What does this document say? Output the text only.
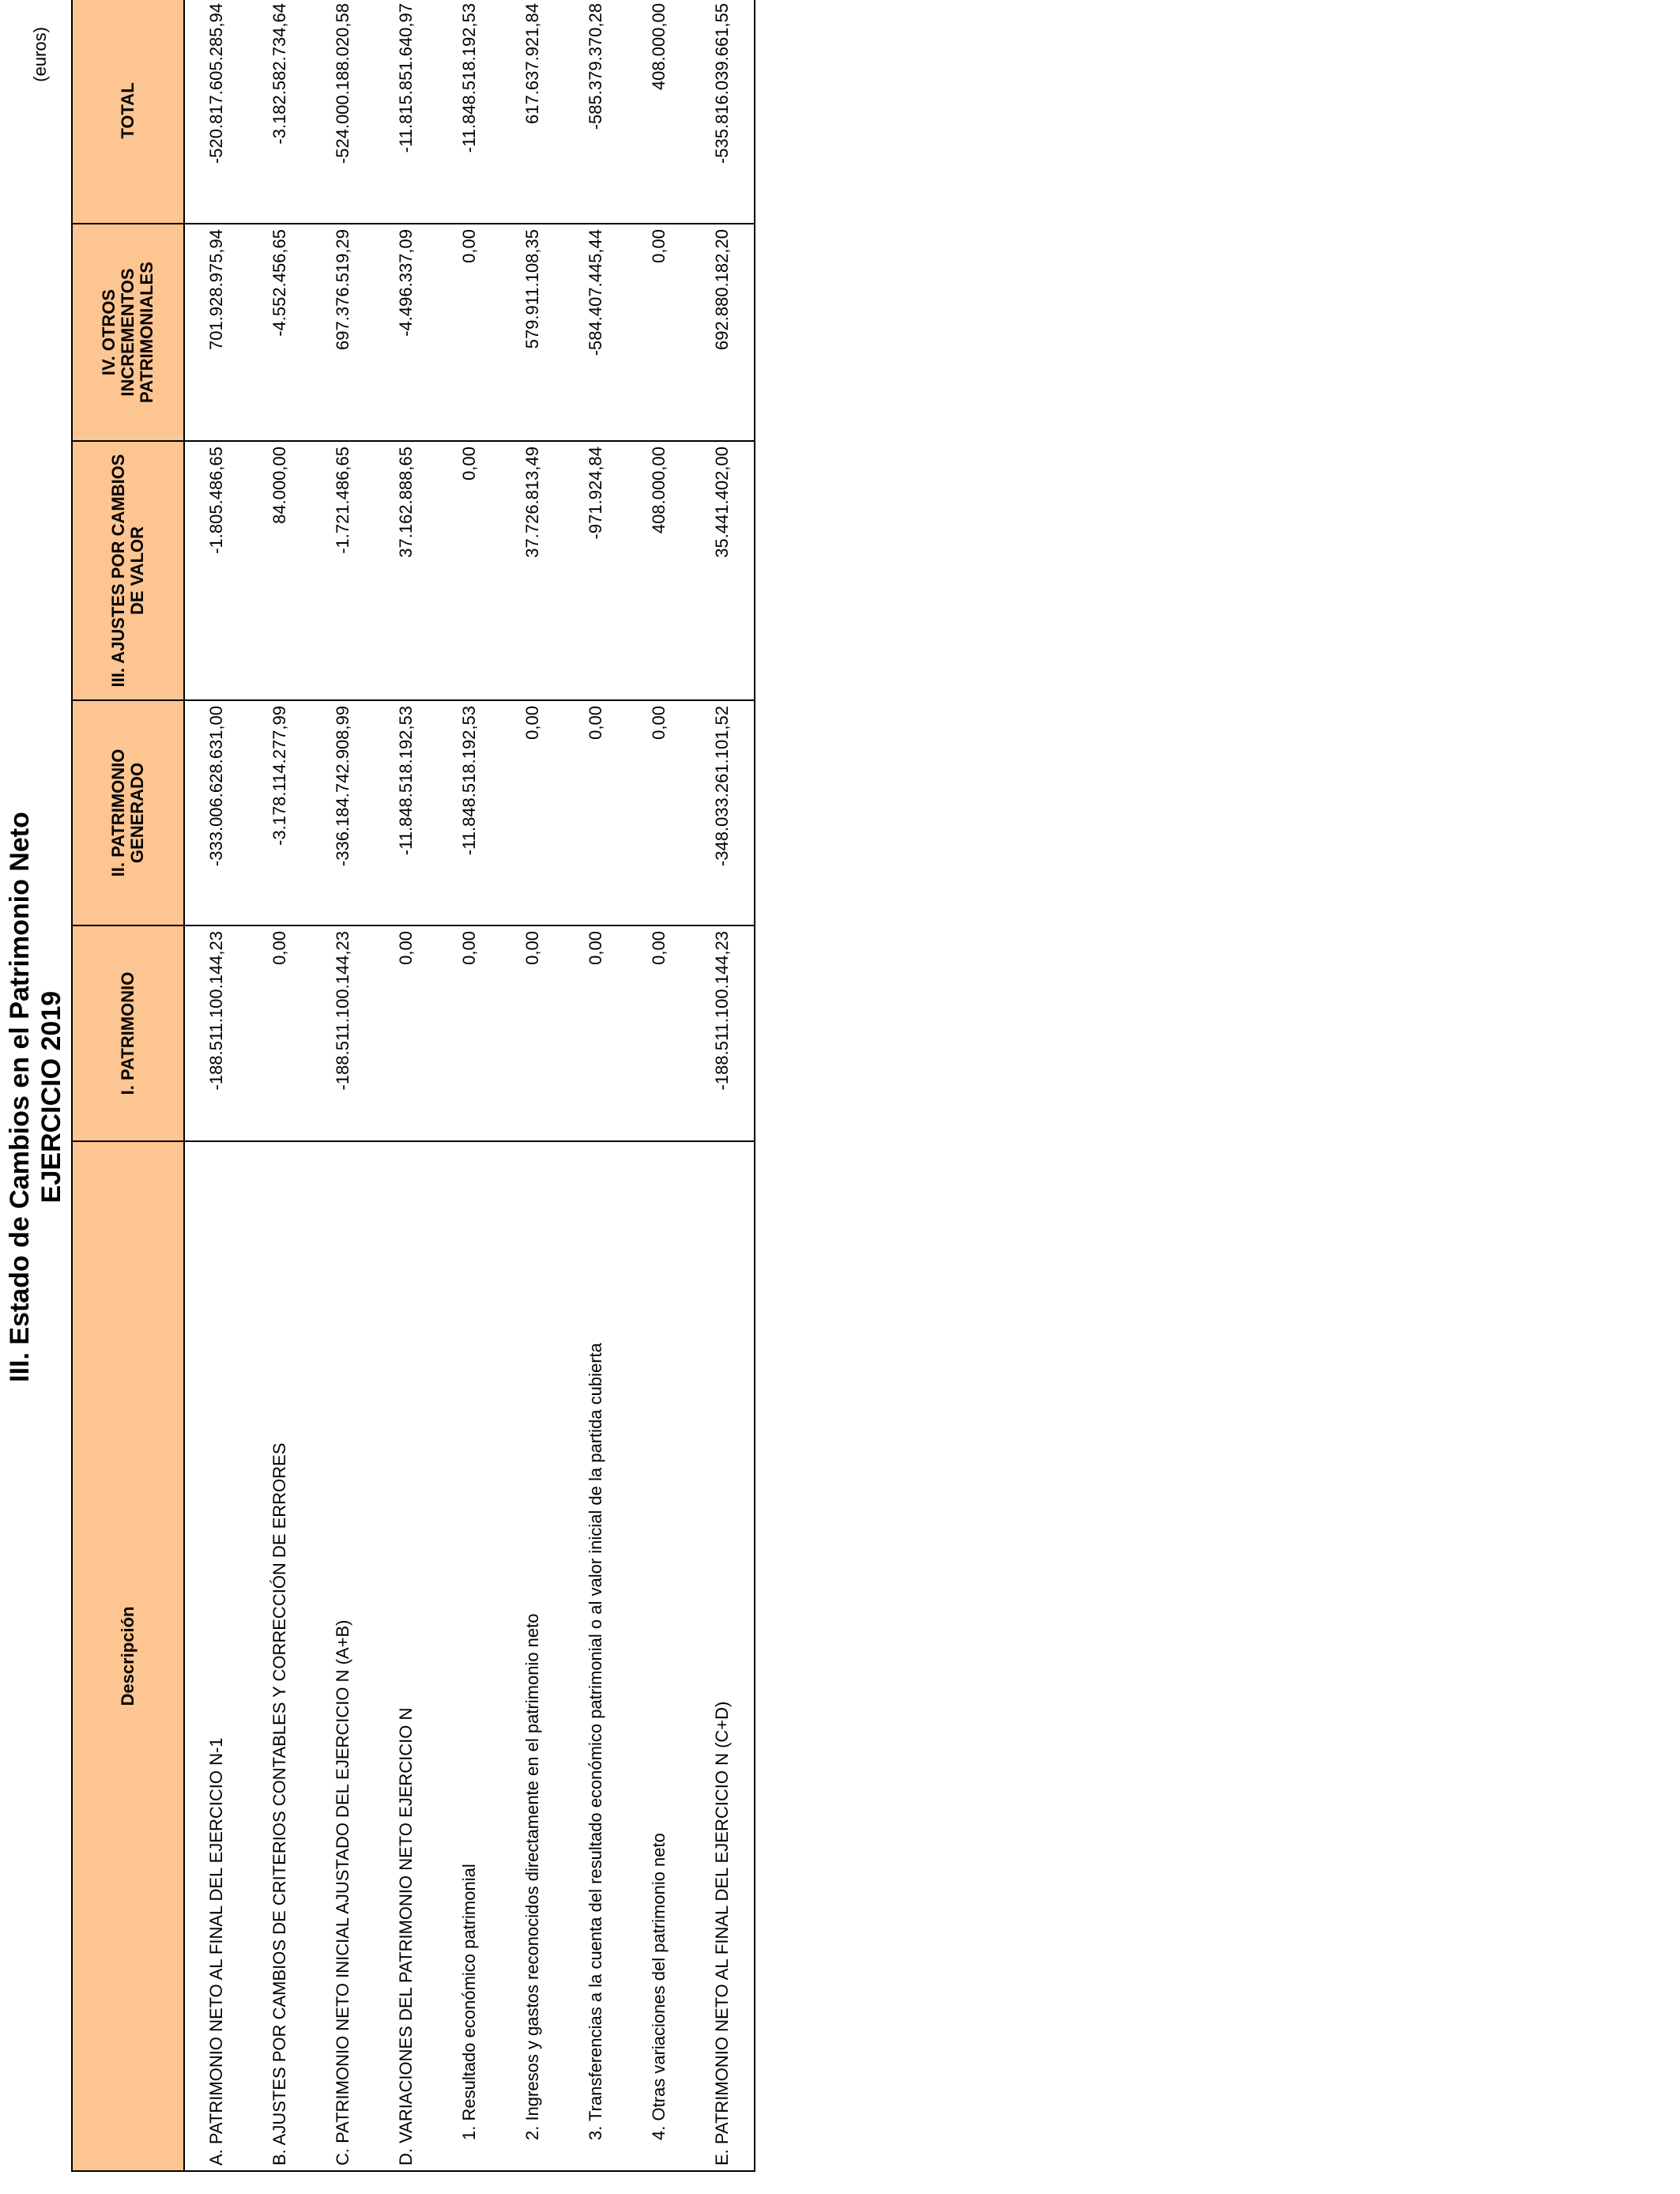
III. Estado de Cambios en el Patrimonio Neto EJERCICIO 2019
(euros)
Descripción	I. PATRIMONIO	II. PATRIMONIO GENERADO	III. AJUSTES POR CAMBIOS DE VALOR	IV. OTROS INCREMENTOS PATRIMONIALES	TOTAL
A. PATRIMONIO NETO AL FINAL DEL EJERCICIO N-1	-188.511.100.144,23	-333.006.628.631,00	-1.805.486,65	701.928.975,94	-520.817.605.285,94
B. AJUSTES POR CAMBIOS DE CRITERIOS CONTABLES Y CORRECCIÓN DE ERRORES	0,00	-3.178.114.277,99	84.000,00	-4.552.456,65	-3.182.582.734,64
C. PATRIMONIO NETO INICIAL AJUSTADO DEL EJERCICIO N (A+B)	-188.511.100.144,23	-336.184.742.908,99	-1.721.486,65	697.376.519,29	-524.000.188.020,58
D. VARIACIONES DEL PATRIMONIO NETO EJERCICIO N	0,00	-11.848.518.192,53	37.162.888,65	-4.496.337,09	-11.815.851.640,97
1. Resultado económico patrimonial	0,00	-11.848.518.192,53	0,00	0,00	-11.848.518.192,53
2. Ingresos y gastos reconocidos directamente en el patrimonio neto	0,00	0,00	37.726.813,49	579.911.108,35	617.637.921,84
3. Transferencias a la cuenta del resultado económico patrimonial o al valor inicial de la partida cubierta	0,00	0,00	-971.924,84	-584.407.445,44	-585.379.370,28
4. Otras variaciones del patrimonio neto	0,00	0,00	408.000,00	0,00	408.000,00
E. PATRIMONIO NETO AL FINAL DEL EJERCICIO N (C+D)	-188.511.100.144,23	-348.033.261.101,52	35.441.402,00	692.880.182,20	-535.816.039.661,55
